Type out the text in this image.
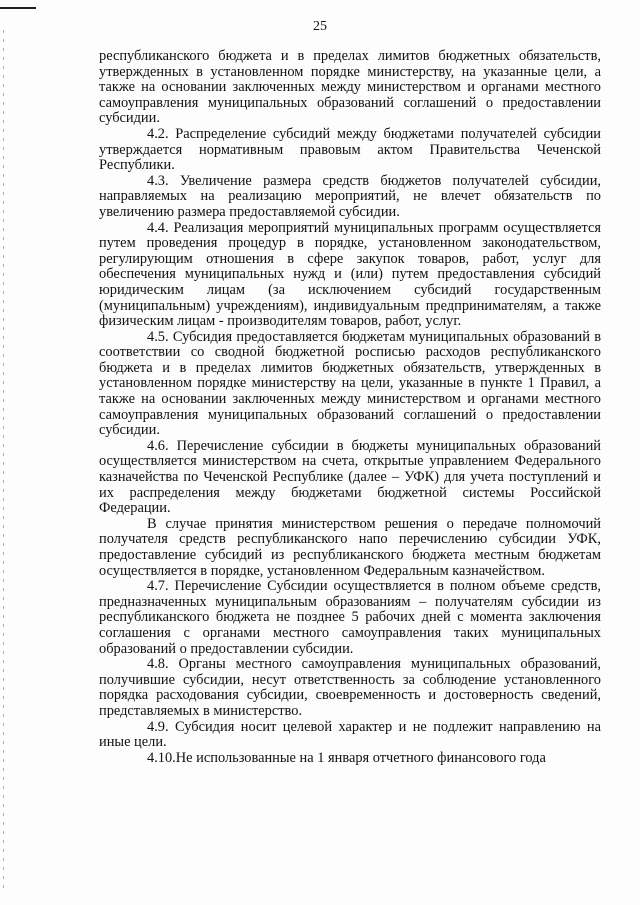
25

республиканского бюджета и в пределах лимитов бюджетных обязательств, утвержденных в установленном порядке министерству, на указанные цели, а также на основании заключенных между министерством и органами местного самоуправления муниципальных образований соглашений о предоставлении субсидии.

4.2. Распределение субсидий между бюджетами получателей субсидии утверждается нормативным правовым актом Правительства Чеченской Республики.

4.3. Увеличение размера средств бюджетов получателей субсидии, направляемых на реализацию мероприятий, не влечет обязательств по увеличению размера предоставляемой субсидии.

4.4. Реализация мероприятий муниципальных программ осуществляется путем проведения процедур в порядке, установленном законодательством, регулирующим отношения в сфере закупок товаров, работ, услуг для обеспечения муниципальных нужд и (или) путем предоставления субсидий юридическим лицам (за исключением субсидий государственным (муниципальным) учреждениям), индивидуальным предпринимателям, а также физическим лицам - производителям товаров, работ, услуг.

4.5. Субсидия предоставляется бюджетам муниципальных образований в соответствии со сводной бюджетной росписью расходов республиканского бюджета и в пределах лимитов бюджетных обязательств, утвержденных в установленном порядке министерству на цели, указанные в пункте 1 Правил, а также на основании заключенных между министерством и органами местного самоуправления муниципальных образований соглашений о предоставлении субсидии.

4.6. Перечисление субсидии в бюджеты муниципальных образований осуществляется министерством на счета, открытые управлением Федерального казначейства по Чеченской Республике (далее – УФК) для учета поступлений и их распределения между бюджетами бюджетной системы Российской Федерации.

В случае принятия министерством решения о передаче полномочий получателя средств республиканского напо перечислению субсидии УФК, предоставление субсидий из республиканского бюджета местным бюджетам осуществляется в порядке, установленном Федеральным казначейством.

4.7. Перечисление Субсидии осуществляется в полном объеме средств, предназначенных муниципальным образованиям – получателям субсидии из республиканского бюджета не позднее 5 рабочих дней с момента заключения соглашения с органами местного самоуправления таких муниципальных образований о предоставлении субсидии.

4.8. Органы местного самоуправления муниципальных образований, получившие субсидии, несут ответственность за соблюдение установленного порядка расходования субсидии, своевременность и достоверность сведений, представляемых в министерство.

4.9. Субсидия носит целевой характер и не подлежит направлению на иные цели.

4.10.Не использованные на 1 января отчетного финансового года
